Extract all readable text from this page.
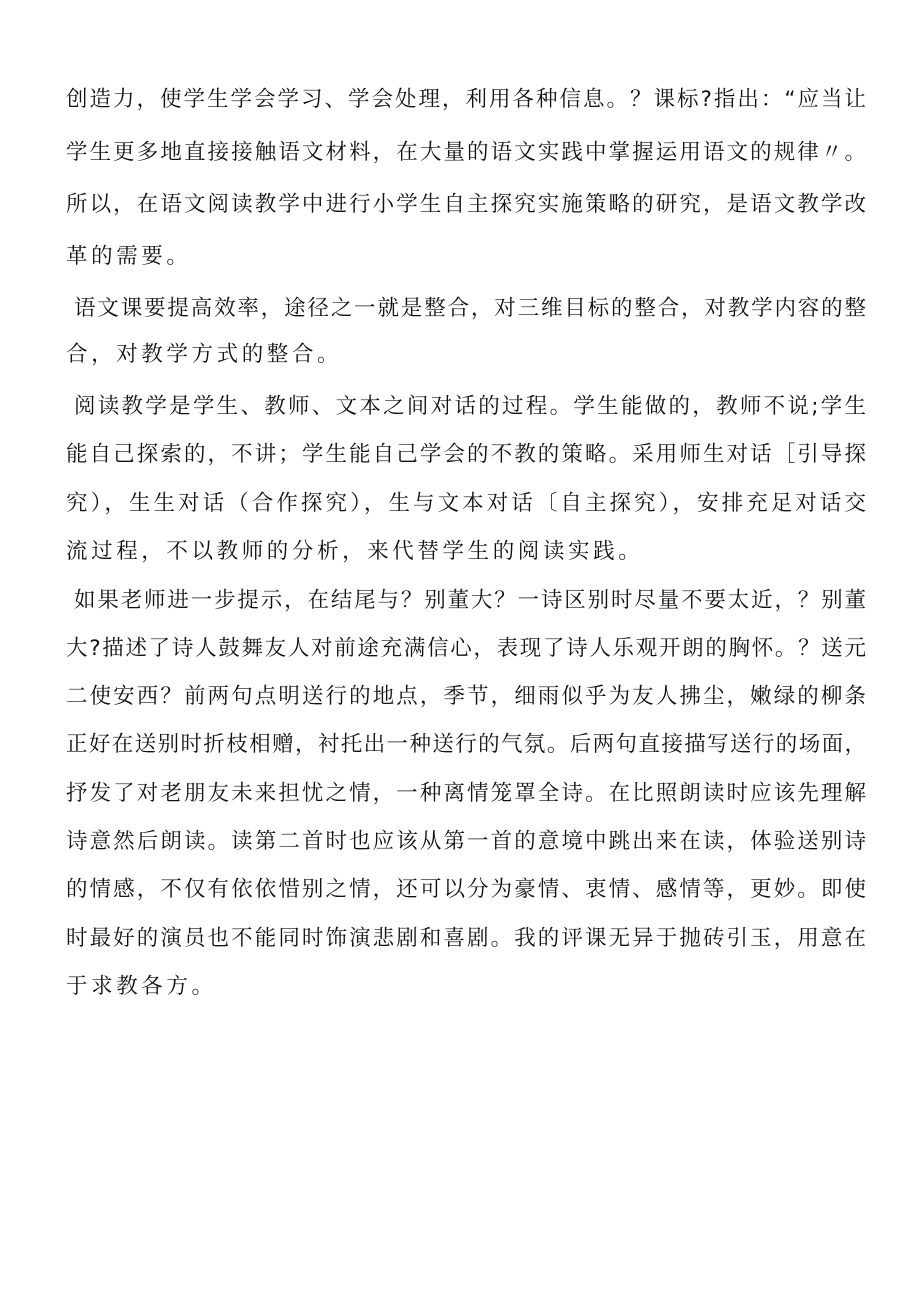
创造力，使学生学会学习、学会处理，利用各种信息。？课标?指出：“应当让
学生更多地直接接触语文材料，在大量的语文实践中掌握运用语文的规律〃。
所以，在语文阅读教学中进行小学生自主探究实施策略的研究，是语文教学改
革的需要。
语文课要提高效率，途径之一就是整合，对三维目标的整合，对教学内容的整
合，对教学方式的整合。
阅读教学是学生、教师、文本之间对话的过程。学生能做的，教师不说;学生
能自己探索的，不讲；学生能自己学会的不教的策略。采用师生对话［引导探
究），生生对话（合作探究），生与文本对话〔自主探究），安排充足对话交
流过程，不以教师的分析，来代替学生的阅读实践。
如果老师进一步提示，在结尾与？别董大？一诗区别时尽量不要太近，？别董
大?描述了诗人鼓舞友人对前途充满信心，表现了诗人乐观开朗的胸怀。？送元
二使安西？前两句点明送行的地点，季节，细雨似乎为友人拂尘，嫩绿的柳条
正好在送别时折枝相赠，衬托出一种送行的气氛。后两句直接描写送行的场面，
抒发了对老朋友未来担忧之情，一种离情笼罩全诗。在比照朗读时应该先理解
诗意然后朗读。读第二首时也应该从第一首的意境中跳出来在读，体验送别诗
的情感，不仅有依依惜别之情，还可以分为豪情、衷情、感情等，更妙。即使
时最好的演员也不能同时饰演悲剧和喜剧。我的评课无异于抛砖引玉，用意在
于求教各方。
